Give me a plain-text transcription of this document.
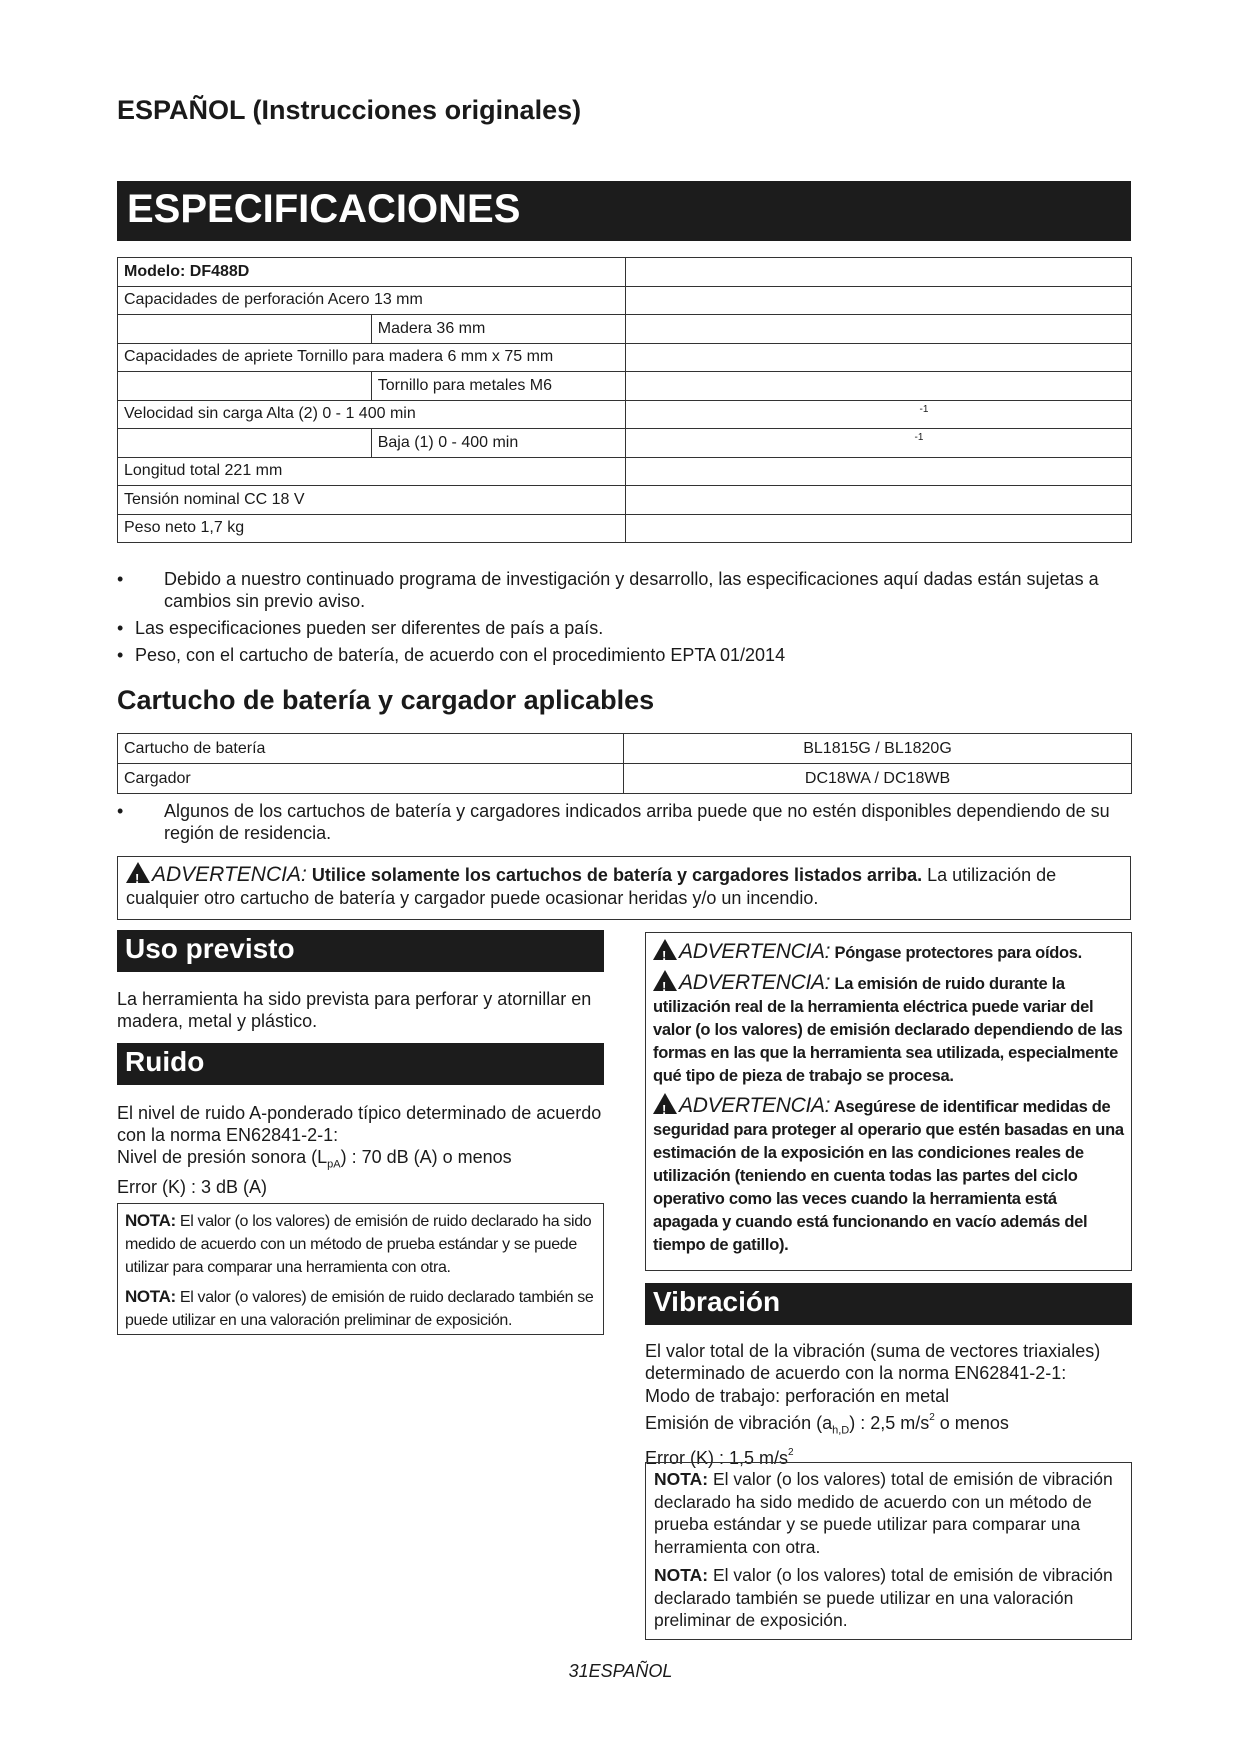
ESPAÑOL (Instrucciones originales)
ESPECIFICACIONES
Modelo: DF488D		
Capacidades de perforación Acero 13 mm		
	Madera 36 mm	
Capacidades de apriete Tornillo para madera 6 mm x 75 mm		
	Tornillo para metales M6	
Velocidad sin carga Alta (2) 0 - 1 400 min		-1

	Baja (1) 0 - 400 min	-1

Longitud total 221 mm		
Tensión nominal CC 18 V		
Peso neto 1,7 kg		
• Debido a nuestro continuado programa de investigación y desarrollo, las especificaciones aquí dadas están sujetas a cambios sin previo aviso.
• Las especificaciones pueden ser diferentes de país a país.
• Peso, con el cartucho de batería, de acuerdo con el procedimiento EPTA 01/2014
Cartucho de batería y cargador aplicables
Cartucho de batería	BL1815G / BL1820G
Cargador	DC18WA / DC18WB
• Algunos de los cartuchos de batería y cargadores indicados arriba puede que no estén disponibles dependiendo de su región de residencia.
!ADVERTENCIA: Utilice solamente los cartuchos de batería y cargadores listados arriba. La utilización de cualquier otro cartucho de batería y cargador puede ocasionar heridas y/o un incendio.
Uso previsto
La herramienta ha sido prevista para perforar y atornillar en madera, metal y plástico.
Ruido
El nivel de ruido A-ponderado típico determinado de acuerdo con la norma EN62841-2-1:
Nivel de presión sonora $(L_{pA})$ : 70 dB (A) o menos
Error (K) : 3 dB (A)
NOTA: El valor (o los valores) de emisión de ruido declarado ha sido medido de acuerdo con un método de prueba estándar y se puede utilizar para comparar una herramienta con otra.
NOTA: El valor (o valores) de emisión de ruido declarado también se puede utilizar en una valoración preliminar de exposición.
!ADVERTENCIA: Póngase protectores para oídos.
!ADVERTENCIA: La emisión de ruido durante la utilización real de la herramienta eléctrica puede variar del valor (o los valores) de emisión declarado dependiendo de las formas en las que la herramienta sea utilizada, especialmente qué tipo de pieza de trabajo se procesa.
!ADVERTENCIA: Asegúrese de identificar medidas de seguridad para proteger al operario que estén basadas en una estimación de la exposición en las condiciones reales de utilización (teniendo en cuenta todas las partes del ciclo operativo como las veces cuando la herramienta está apagada y cuando está funcionando en vacío además del tiempo de gatillo).
Vibración
El valor total de la vibración (suma de vectores triaxiales) determinado de acuerdo con la norma EN62841-2-1:
Modo de trabajo: perforación en metal
Emisión de vibración $(a_{h,D})$ : 2,5 $m/s^2$ o menos
Error (K) : 1,5 $m/s^2$
NOTA: El valor (o los valores) total de emisión de vibración declarado ha sido medido de acuerdo con un método de prueba estándar y se puede utilizar para comparar una herramienta con otra.
NOTA: El valor (o los valores) total de emisión de vibración declarado también se puede utilizar en una valoración preliminar de exposición.
31ESPAÑOL
